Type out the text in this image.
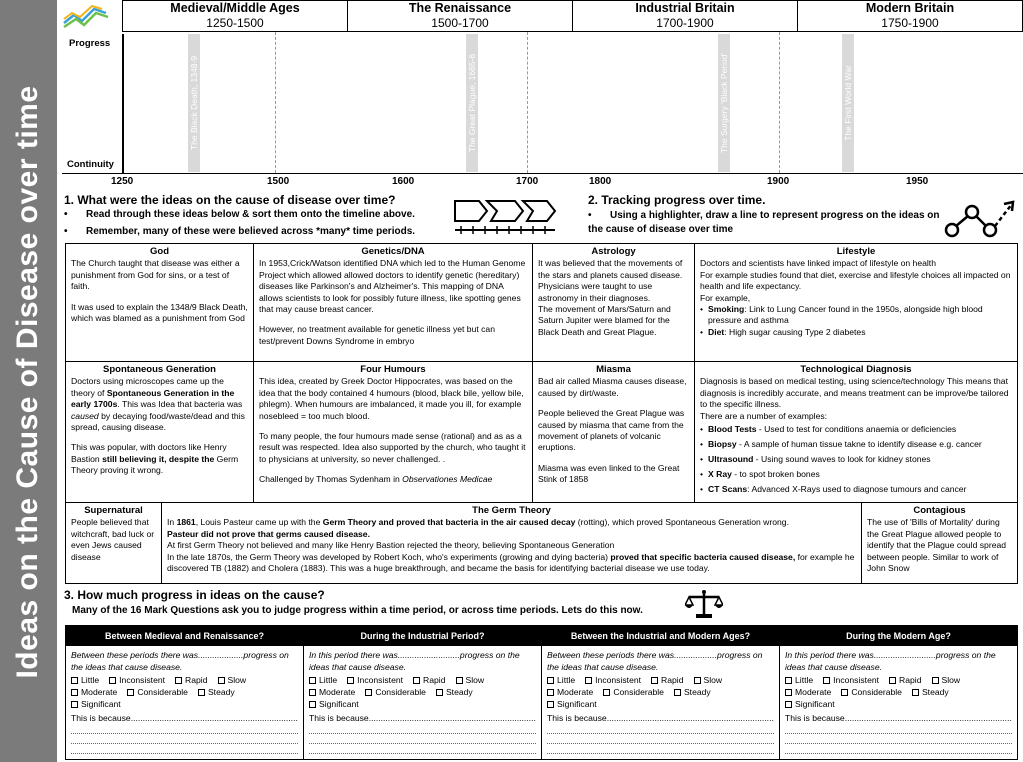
Ideas on the Cause of Disease over time
Medieval/Middle Ages
1250-1500
The Renaissance
1500-1700
Industrial Britain
1700-1900
Modern Britain
1750-1900
The Black Death, 1348-9	The Great Plague, 1665-6	The Surgery 'Black Period'	The First World War
Progress
Continuity
1250	1500	1600	1700	1800	1900	1950
1. What were the ideas on the cause of disease over time?
• Read through these ideas below & sort them onto the timeline above.
• Remember, many of these were believed across *many* time periods.
2. Tracking progress over time.
• Using a highlighter, draw a line to represent progress on the ideas on the cause of disease over time
God

The Church taught that disease was either a punishment from God for sins, or a test of faith.

It was used to explain the 1348/9 Black Death, which was blamed as a punishment from God

Genetics/DNA

In 1953,Crick/Watson identified DNA which led to the Human Genome Project which allowed allowed doctors to identify genetic (hereditary) diseases like Parkinson's and Alzheimer's. This mapping of DNA allows scientists to look for possibly future illness, like spotting genes that may cause breast cancer.

However, no treatment available for genetic illness yet but can test/prevent Downs Syndrome in embryo

Astrology

It was believed that the movements of the stars and planets caused disease. Physicians were taught to use astronomy in their diagnoses.

The movement of Mars/Saturn and Saturn Jupiter were blamed for the Black Death and Great Plague.

Lifestyle

Doctors and scientists have linked impact of lifestyle on health

For example studies found that diet, exercise and lifestyle choices all impacted on health and life expectancy.

For example,

• Smoking: Link to Lung Cancer found in the 1950s, alongside high blood pressure and asthma
• Diet: High sugar causing Type 2 diabetes
Spontaneous Generation

Doctors using microscopes came up the theory of Spontaneous Generation in the early 1700s. This was Idea that bacteria was caused by decaying food/waste/dead and this spread, causing disease.

This was popular, with doctors like Henry Bastion still believing it, despite the Germ Theory proving it wrong.

Four Humours

This idea, created by Greek Doctor Hippocrates, was based on the idea that the body contained 4 humours (blood, black bile, yellow bile, phlegm). When humours are imbalanced, it made you ill, for example nosebleed = too much blood.

To many people, the four humours made sense (rational) and as as a result was respected. Idea also supported by the church, who taught it to physicians at university, so never challenged. .

Challenged by Thomas Sydenham in Observationes Medicae

Miasma

Bad air called Miasma causes disease, caused by dirt/waste.

People believed the Great Plague was caused by miasma that came from the movement of planets of volcanic eruptions.

Miasma was even linked to the Great Stink of 1858

Technological Diagnosis

Diagnosis is based on medical testing, using science/technology This means that diagnosis is incredibly accurate, and means treatment can be improve/be tailored to the specific illness.

There are a number of examples:

• Blood Tests - Used to test for conditions anaemia or deficiencies
• Biopsy - A sample of human tissue takne to identify disease e.g. cancer
• Ultrasound - Using sound waves to look for kidney stones
• X Ray - to spot broken bones
• CT Scans: Advanced X-Rays used to diagnose tumours and cancer
Supernatural

People believed that witchcraft, bad luck or even Jews caused disease

The Germ Theory

In 1861, Louis Pasteur came up with the Germ Theory and proved that bacteria in the air caused decay (rotting), which proved Spontaneous Generation wrong.

Pasteur did not prove that germs caused disease.

At first Germ Theory not believed and many like Henry Bastion rejected the theory, believing Spontaneous Generation

In the late 1870s, the Germ Theory was developed by Robert Koch, who's experiments (growing and dying bacteria) proved that specific bacteria caused disease, for example he discovered TB (1882) and Cholera (1883). This was a huge breakthrough, and became the basis for identifying bacterial disease we use today.

Contagious

The use of 'Bills of Mortality' during the Great Plague allowed people to identify that the Plague could spread between people. Similar to work of John Snow

3. How much progress in ideas on the cause?
Many of the 16 Mark Questions ask you to judge progress within a time period, or across time periods. Lets do this now.
Between Medieval and Renaissance?
Between these periods there was...................progress on the ideas that cause disease.
Little	Inconsistent	Rapid	Slow
Moderate	Considerable	Steady
Significant
This is because......................................................................
During the Industrial Period?
In this period there was..........................progress on the ideas that cause disease.
Little	Inconsistent	Rapid	Slow
Moderate	Considerable	Steady
Significant
This is because......................................................................
Between the Industrial and Modern Ages?
Between these periods there was..................progress on the ideas that cause disease.
Little	Inconsistent	Rapid	Slow
Moderate	Considerable	Steady
Significant
This is because......................................................................
During the Modern Age?
In this period there was..........................progress on the ideas that cause disease.
Little	Inconsistent	Rapid	Slow
Moderate	Considerable	Steady
Significant
This is because......................................................................
